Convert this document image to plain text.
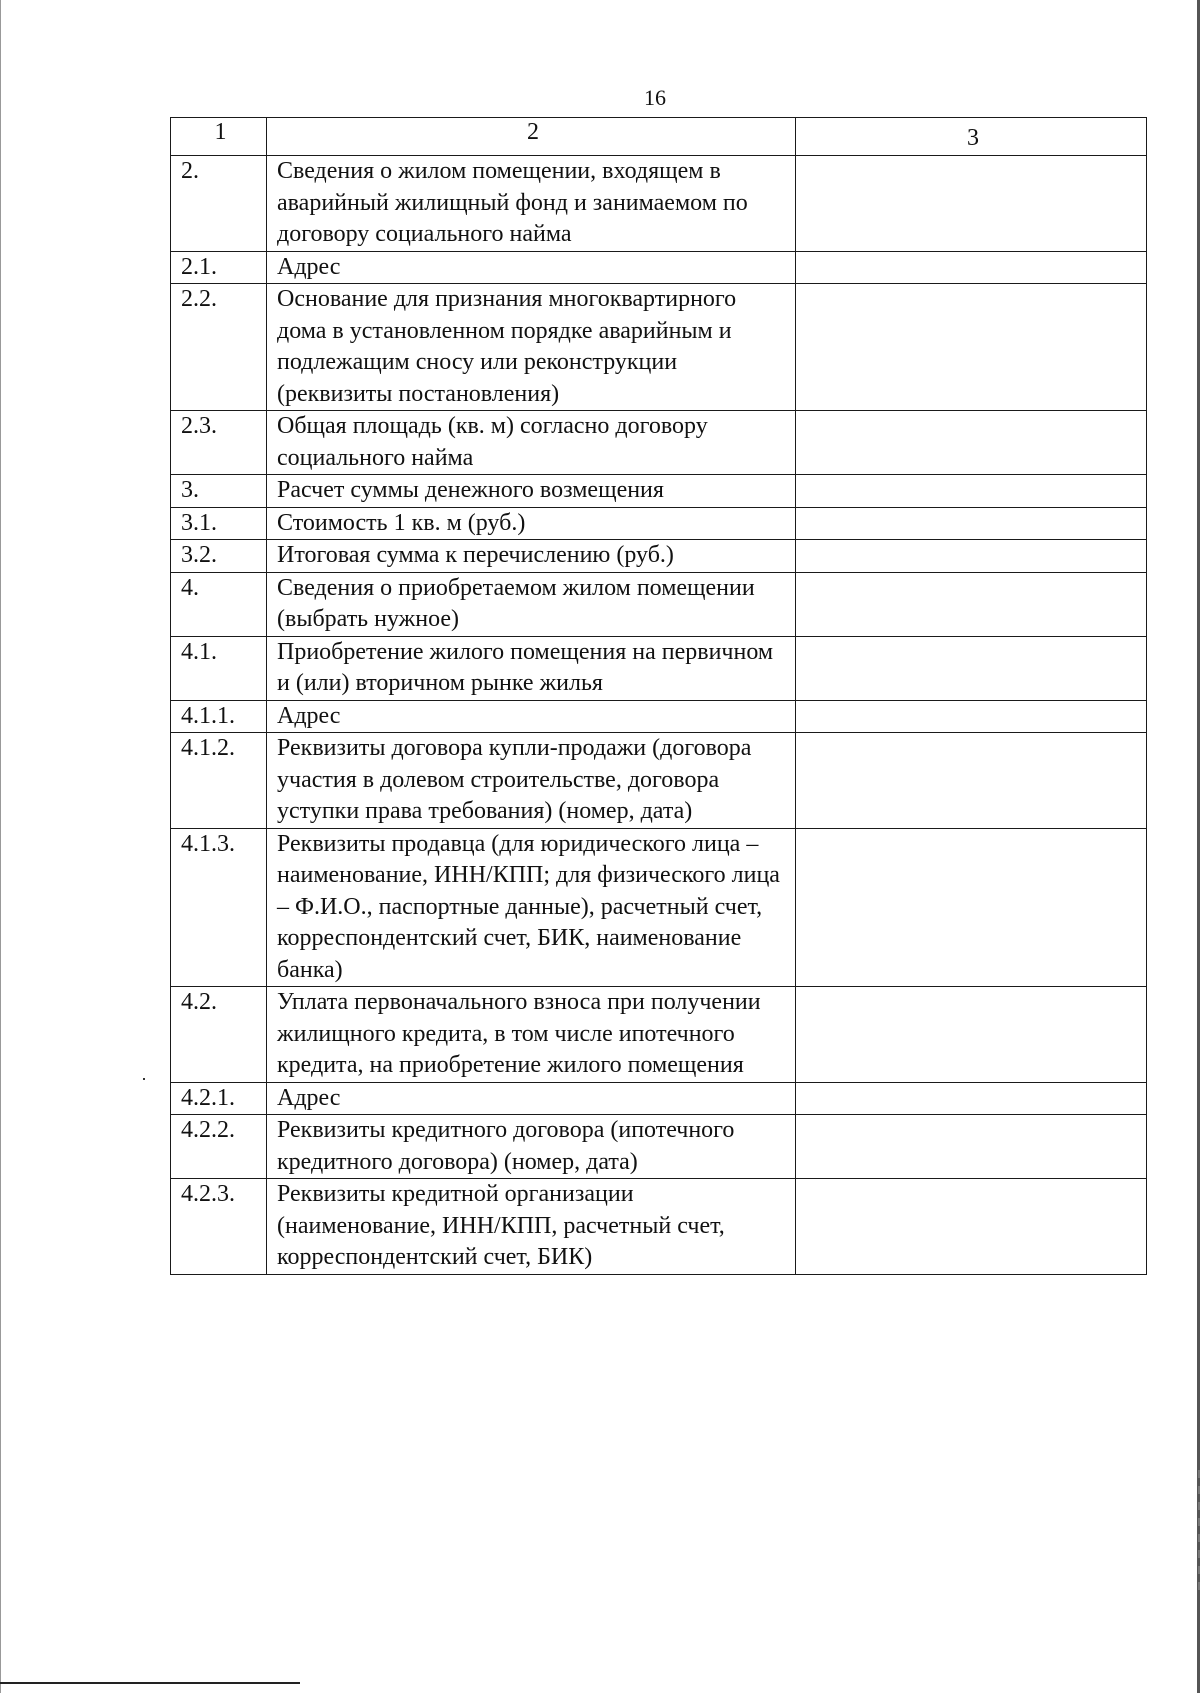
16
1	2	3
2.	Сведения о жилом помещении, входящем в аварийный жилищный фонд и занимаемом по договору социального найма	
2.1.	Адрес	
2.2.	Основание для признания многоквартирного дома в установленном порядке аварийным и подлежащим сносу или реконструкции (реквизиты постановления)	
2.3.	Общая площадь (кв. м) согласно договору социального найма	
3.	Расчет суммы денежного возмещения	
3.1.	Стоимость 1 кв. м (руб.)	
3.2.	Итоговая сумма к перечислению (руб.)	
4.	Сведения о приобретаемом жилом помещении (выбрать нужное)	
4.1.	Приобретение жилого помещения на первичном и (или) вторичном рынке жилья	
4.1.1.	Адрес	
4.1.2.	Реквизиты договора купли-продажи (договора участия в долевом строительстве, договора уступки права требования) (номер, дата)	
4.1.3.	Реквизиты продавца (для юридического лица – наименование, ИНН/КПП; для физического лица – Ф.И.О., паспортные данные), расчетный счет, корреспондентский счет, БИК, наименование банка)	
4.2.	Уплата первоначального взноса при получении жилищного кредита, в том числе ипотечного кредита, на приобретение жилого помещения	
4.2.1.	Адрес	
4.2.2.	Реквизиты кредитного договора (ипотечного кредитного договора) (номер, дата)	
4.2.3.	Реквизиты кредитной организации (наименование, ИНН/КПП, расчетный счет, корреспондентский счет, БИК)	
